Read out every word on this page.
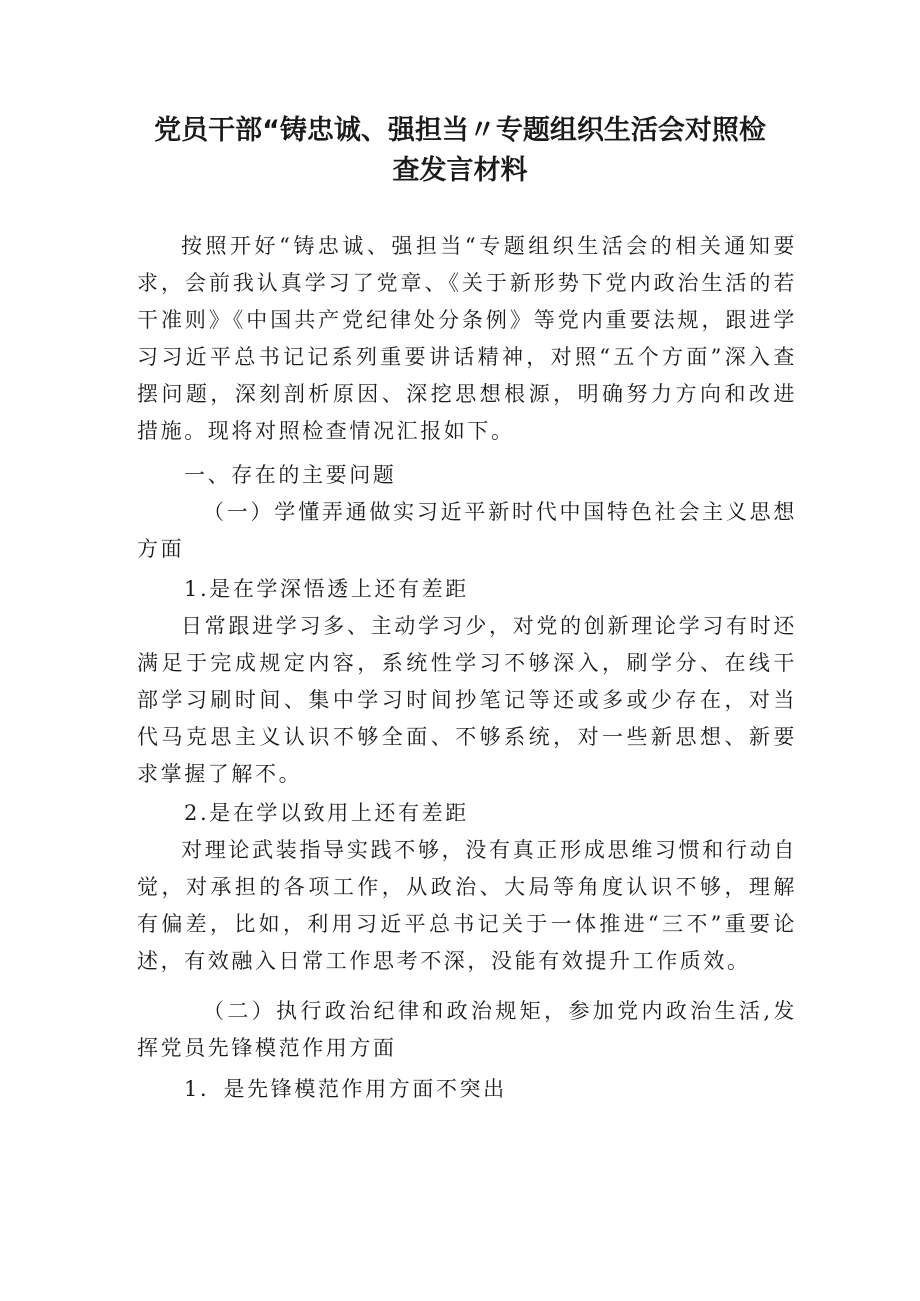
党员干部“铸忠诚、强担当〃专题组织生活会对照检
查发言材料

按照开好“铸忠诚、强担当“专题组织生活会的相关通知要求，会前我认真学习了党章、《关于新形势下党内政治生活的若干准则》《中国共产党纪律处分条例》等党内重要法规，跟进学习习近平总书记记系列重要讲话精神，对照“五个方面”深入查摆问题，深刻剖析原因、深挖思想根源，明确努力方向和改进措施。现将对照检查情况汇报如下。

一、存在的主要问题

（一）学懂弄通做实习近平新时代中国特色社会主义思想方面

1.是在学深悟透上还有差距

日常跟进学习多、主动学习少，对党的创新理论学习有时还满足于完成规定内容，系统性学习不够深入，刷学分、在线干部学习刷时间、集中学习时间抄笔记等还或多或少存在，对当代马克思主义认识不够全面、不够系统，对一些新思想、新要求掌握了解不。

2.是在学以致用上还有差距

对理论武装指导实践不够，没有真正形成思维习惯和行动自觉，对承担的各项工作，从政治、大局等角度认识不够，理解有偏差，比如，利用习近平总书记关于一体推进“三不”重要论述，有效融入日常工作思考不深，没能有效提升工作质效。

（二）执行政治纪律和政治规矩，参加党内政治生活,发挥党员先锋模范作用方面

1．是先锋模范作用方面不突出
